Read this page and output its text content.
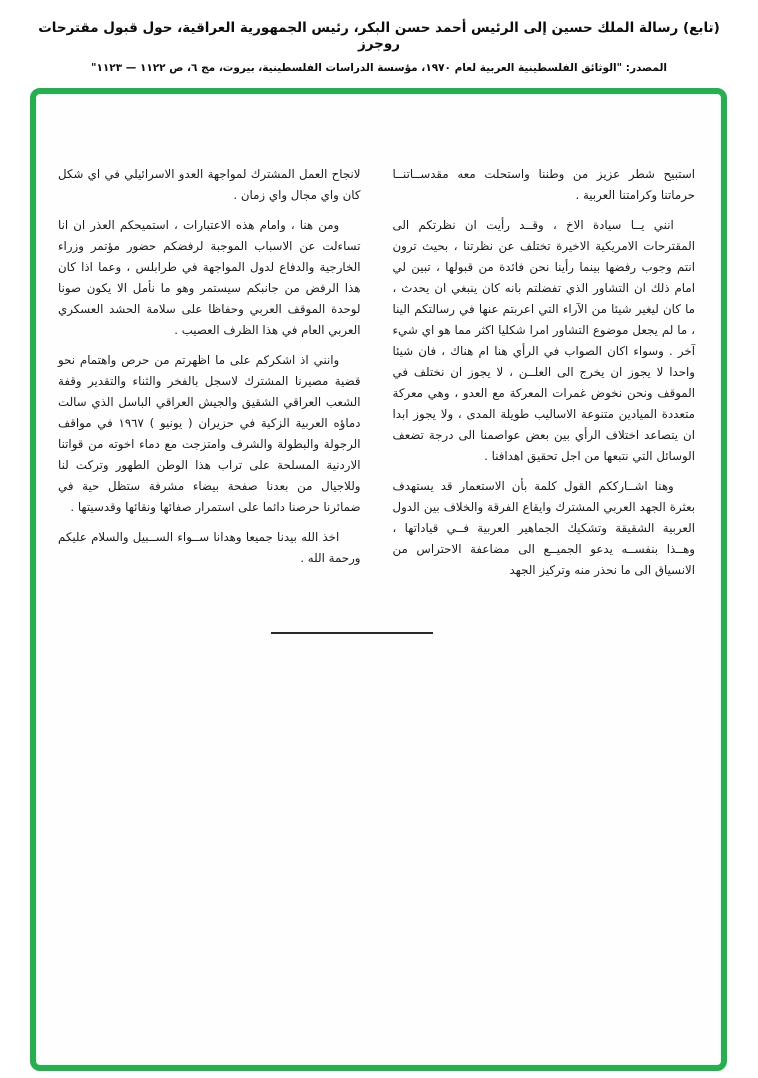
(تابع) رسالة الملك حسين إلى الرئيس أحمد حسن البكر، رئيس الجمهورية العراقية، حول قبول مقترحات روجرز
المصدر: "الوثائق الفلسطينية العربية لعام ١٩٧٠، مؤسسة الدراسات الفلسطينية، بيروت، مج ٦، ص ١١٢٢ — ١١٢٣"

استبيح شطر عزيز من وطننا واستحلت معه مقدســاتنــا حرماتنا وكرامتنا العربية .

انني يــا سيادة الاخ ، وقــد رأيت ان نظرتكم الى المقترحات الامريكية الاخيرة تختلف عن نظرتنا ، بحيث ترون انتم وجوب رفضها بينما رأينا نحن فائدة من قبولها ، تبين لي امام ذلك ان التشاور الذي تفضلتم بانه كان ينبغي ان يحدث ، ما كان ليغير شيئا من الآراء التي اعربتم عنها في رسالتكم الينا ، ما لم يجعل موضوع التشاور امرا شكليا اكثر مما هو اي شيء آخر . وسواء اكان الصواب في الرأي هنا ام هناك ، فان شيئا واحدا لا يجوز ان يخرج الى العلــن ، لا يجوز ان نختلف في الموقف ونحن نخوض غمرات المعركة مع العدو ، وهي معركة متعددة الميادين متنوعة الاساليب طويلة المدى ، ولا يجوز ابدا ان يتصاعد اختلاف الرأي بين بعض عواصمنا الى درجة تضعف الوسائل التي نتبعها من اجل تحقيق اهدافنا .

وهنا اشــارككم القول كلمة بأن الاستعمار قد يستهدف بعثرة الجهد العربي المشترك وايقاع الفرقة والخلاف بين الدول العربية الشقيقة وتشكيك الجماهير العربية فــي قياداتها ، وهــذا بنفســه يدعو الجميــع الى مضاعفة الاحتراس من الانسياق الى ما نحذر منه وتركيز الجهد

لانجاح العمل المشترك لمواجهة العدو الاسرائيلي في اي شكل كان واي مجال واي زمان .

ومن هنا ، وامام هذه الاعتبارات ، استميحكم العذر ان انا تساءلت عن الاسباب الموجبة لرفضكم حضور مؤتمر وزراء الخارجية والدفاع لدول المواجهة في طرابلس ، وعما اذا كان هذا الرفض من جانبكم سيستمر وهو ما نأمل الا يكون صونا لوحدة الموقف العربي وحفاظا على سلامة الحشد العسكري العربي العام في هذا الظرف العصيب .

وانني اذ اشكركم على ما اظهرتم من حرص واهتمام نحو قضية مصيرنا المشترك لاسجل بالفخر والثناء والتقدير وقفة الشعب العراقي الشقيق والجيش العراقي الباسل الذي سالت دماؤه العربية الزكية في حزيران ( يونيو ) ١٩٦٧ في مواقف الرجولة والبطولة والشرف وامتزجت مع دماء اخوته من قواتنا الاردنية المسلحة على تراب هذا الوطن الطهور وتركت لنا وللاجيال من بعدنا صفحة بيضاء مشرفة ستظل حية في ضمائرنا حرصنا دائما على استمرار صفائها ونقائها وقدسيتها .

اخذ الله بيدنا جميعا وهدانا ســواء الســبيل والسلام عليكم ورحمة الله .
